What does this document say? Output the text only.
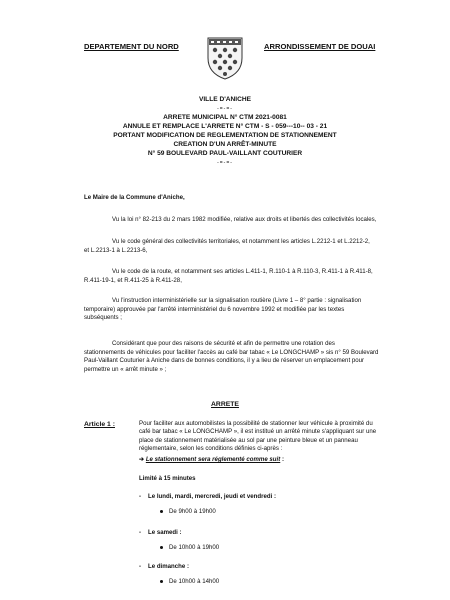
DEPARTEMENT DU NORD	ARRONDISSEMENT DE DOUAI
VILLE D'ANICHE
-=-=-
ARRETE MUNICIPAL N° CTM 2021-0081
ANNULE ET REMPLACE L'ARRETE N° CTM - S - 059---10-- 03 - 21
PORTANT MODIFICATION DE REGLEMENTATION DE STATIONNEMENT
CREATION D'UN ARRÊT-MINUTE
N° 59 BOULEVARD PAUL-VAILLANT COUTURIER
-=-=-
Le Maire de la Commune d'Aniche,
Vu la loi n° 82-213 du 2 mars 1982 modifiée, relative aux droits et libertés des collectivités locales,
Vu le code général des collectivités territoriales, et notamment les articles L.2212-1 et L.2212-2,
et L.2213-1 à L.2213-6,
Vu le code de la route, et notamment ses articles L.411-1, R.110-1 à R.110-3, R.411-1 à R.411-8,
R.411-19-1, et R.411-25 à R.411-28,
Vu l'instruction interministérielle sur la signalisation routière (Livre 1 – 8° partie : signalisation
temporaire) approuvée par l'arrêté interministériel du 6 novembre 1992 et modifiée par les textes
subséquents ;
Considérant que pour des raisons de sécurité et afin de permettre une rotation des
stationnements de véhicules pour faciliter l'accès au café bar tabac « Le LONGCHAMP » sis n° 59 Boulevard
Paul-Vaillant Couturier à Aniche dans de bonnes conditions, il y a lieu de réserver un emplacement pour
permettre un « arrêt minute » ;
ARRETE
Article 1 :	Pour faciliter aux automobilistes la possibilité de stationner leur véhicule à proximité du
café bar tabac « Le LONGCHAMP », il est institué un arrêté minute s'appliquant sur une
place de stationnement matérialisée au sol par une peinture bleue et un panneau
réglementaire, selon les conditions définies ci-après :
➔ Le stationnement sera réglementé comme suit :
Limité à 15 minutes
- Le lundi, mardi, mercredi, jeudi et vendredi :
De 9h00 à 19h00
- Le samedi :
De 10h00 à 19h00
- Le dimanche :
De 10h00 à 14h00
